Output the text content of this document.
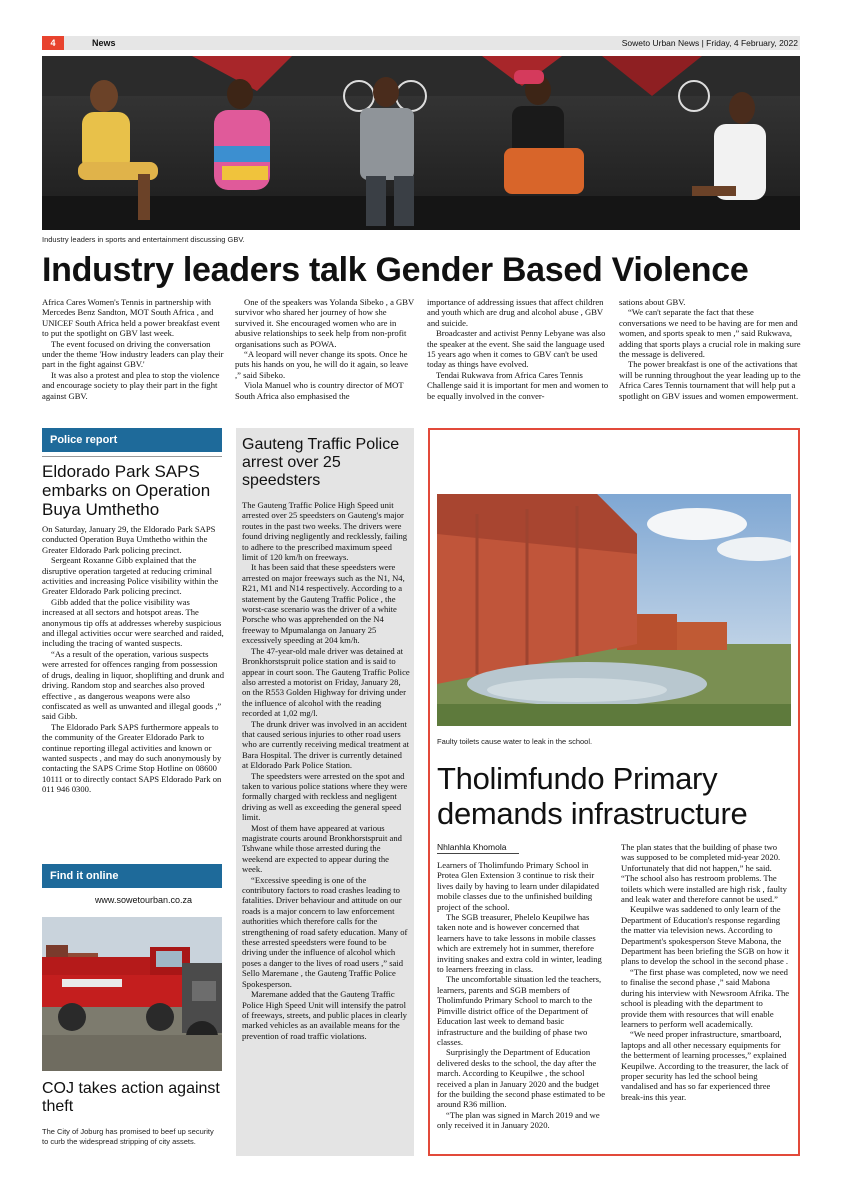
4	News	Soweto Urban News | Friday, 4 February, 2022
Industry leaders in sports and entertainment discussing GBV.
Industry leaders talk Gender Based Violence

Africa Cares Women's Tennis in partnership with Mercedes Benz Sandton, MOT South Africa , and UNICEF South Africa held a power breakfast event to put the spotlight on GBV last week.

The event focused on driving the conversation under the theme 'How industry leaders can play their part in the fight against GBV.'

It was also a protest and plea to stop the violence and encourage society to play their part in the fight against GBV.

One of the speakers was Yolanda Sibeko , a GBV survivor who shared her journey of how she survived it. She encouraged women who are in abusive relationships to seek help from non-profit organisations such as POWA.

“A leopard will never change its spots. Once he puts his hands on you, he will do it again, so leave ,” said Sibeko.

Viola Manuel who is country director of MOT South Africa also emphasised the

importance of addressing issues that affect children and youth which are drug and alcohol abuse , GBV and suicide.

Broadcaster and activist Penny Lebyane was also the speaker at the event. She said the language used 15 years ago when it comes to GBV can't be used today as things have evolved.

Tendai Rukwava from Africa Cares Tennis Challenge said it is important for men and women to be equally involved in the conver-

sations about GBV.

“We can't separate the fact that these conversations we need to be having are for men and women, and sports speak to men ,” said Rukwava, adding that sports plays a crucial role in making sure the message is delivered.

The power breakfast is one of the activations that will be running throughout the year leading up to the Africa Cares Tennis tournament that will help put a spotlight on GBV issues and women empowerment.

Police report
Eldorado Park SAPS embarks on Operation Buya Umthetho

On Saturday, January 29, the Eldorado Park SAPS conducted Operation Buya Umthetho within the Greater Eldorado Park policing precinct.

Sergeant Roxanne Gibb explained that the disruptive operation targeted at reducing criminal activities and increasing Police visibility within the Greater Eldorado Park policing precinct.

Gibb added that the police visibility was increased at all sectors and hotspot areas. The anonymous tip offs at addresses whereby suspicious and illegal activities occur were searched and raided, including the tracing of wanted suspects.

“As a result of the operation, various suspects were arrested for offences ranging from possession of drugs, dealing in liquor, shoplifting and drunk and driving. Random stop and searches also proved effective , as dangerous weapons were also confiscated as well as unwanted and illegal goods ,” said Gibb.

The Eldorado Park SAPS furthermore appeals to the community of the Greater Eldorado Park to continue reporting illegal activities and known or wanted suspects , and may do such anonymously by contacting the SAPS Crime Stop Hotline on 08600 10111 or to directly contact SAPS Eldorado Park on 011 946 0300.

Find it online
www.sowetourban.co.za
COJ takes action against theft
The City of Joburg has promised to beef up security to curb the widespread stripping of city assets.
Gauteng Traffic Police arrest over 25 speedsters

The Gauteng Traffic Police High Speed unit arrested over 25 speedsters on Gauteng's major routes in the past two weeks. The drivers were found driving negligently and recklessly, failing to adhere to the prescribed maximum speed limit of 120 km/h on freeways.

It has been said that these speedsters were arrested on major freeways such as the N1, N4, R21, M1 and N14 respectively. According to a statement by the Gauteng Traffic Police , the worst-case scenario was the driver of a white Porsche who was apprehended on the N4 freeway to Mpumalanga on January 25 excessively speeding at 204 km/h.

The 47-year-old male driver was detained at Bronkhorstspruit police station and is said to appear in court soon. The Gauteng Traffic Police also arrested a motorist on Friday, January 28, on the R553 Golden Highway for driving under the influence of alcohol with the reading recorded at 1,02 mg/l.

The drunk driver was involved in an accident that caused serious injuries to other road users who are currently receiving medical treatment at Bara Hospital. The driver is currently detained at Eldorado Park Police Station.

The speedsters were arrested on the spot and taken to various police stations where they were formally charged with reckless and negligent driving as well as exceeding the general speed limit.

Most of them have appeared at various magistrate courts around Bronkhorstspruit and Tshwane while those arrested during the weekend are expected to appear during the week.

“Excessive speeding is one of the contributory factors to road crashes leading to fatalities. Driver behaviour and attitude on our roads is a major concern to law enforcement authorities which therefore calls for the strengthening of road safety education. Many of these arrested speedsters were found to be driving under the influence of alcohol which poses a danger to the lives of road users ,” said Sello Maremane , the Gauteng Traffic Police Spokesperson.

Maremane added that the Gauteng Traffic Police High Speed Unit will intensify the patrol of freeways, streets, and public places in clearly marked vehicles as an available means for the prevention of road traffic violations.

Faulty toilets cause water to leak in the school.
Tholimfundo Primary demands infrastructure
Nhlanhla Khomola

Learners of Tholimfundo Primary School in Protea Glen Extension 3 continue to risk their lives daily by having to learn under dilapidated mobile classes due to the unfinished building project of the school.

The SGB treasurer, Phelelo Keupilwe has taken note and is however concerned that learners have to take lessons in mobile classes which are extremely hot in summer, therefore inviting snakes and extra cold in winter, leading to learners freezing in class.

The uncomfortable situation led the teachers, learners, parents and SGB members of Tholimfundo Primary School to march to the Pimville district office of the Department of Education last week to demand basic infrastructure and the building of phase two classes.

Surprisingly the Department of Education delivered desks to the school, the day after the march. According to Keupilwe , the school received a plan in January 2020 and the budget for the building the second phase estimated to be around R36 million.

“The plan was signed in March 2019 and we only received it in January 2020.

The plan states that the building of phase two was supposed to be completed mid-year 2020. Unfortunately that did not happen,” he said. “The school also has restroom problems. The toilets which were installed are high risk , faulty and leak water and therefore cannot be used.”

Keupilwe was saddened to only learn of the Department of Education's response regarding the matter via television news. According to Department's spokesperson Steve Mabona, the Department has been briefing the SGB on how it plans to develop the school in the second phase .

“The first phase was completed, now we need to finalise the second phase ,” said Mabona during his interview with Newsroom Afrika. The school is pleading with the department to provide them with resources that will enable learners to perform well academically.

“We need proper infrastructure, smartboard, laptops and all other necessary equipments for the betterment of learning processes,” explained Keupilwe. According to the treasurer, the lack of proper security has led the school being vandalised and has so far experienced three break-ins this year.
